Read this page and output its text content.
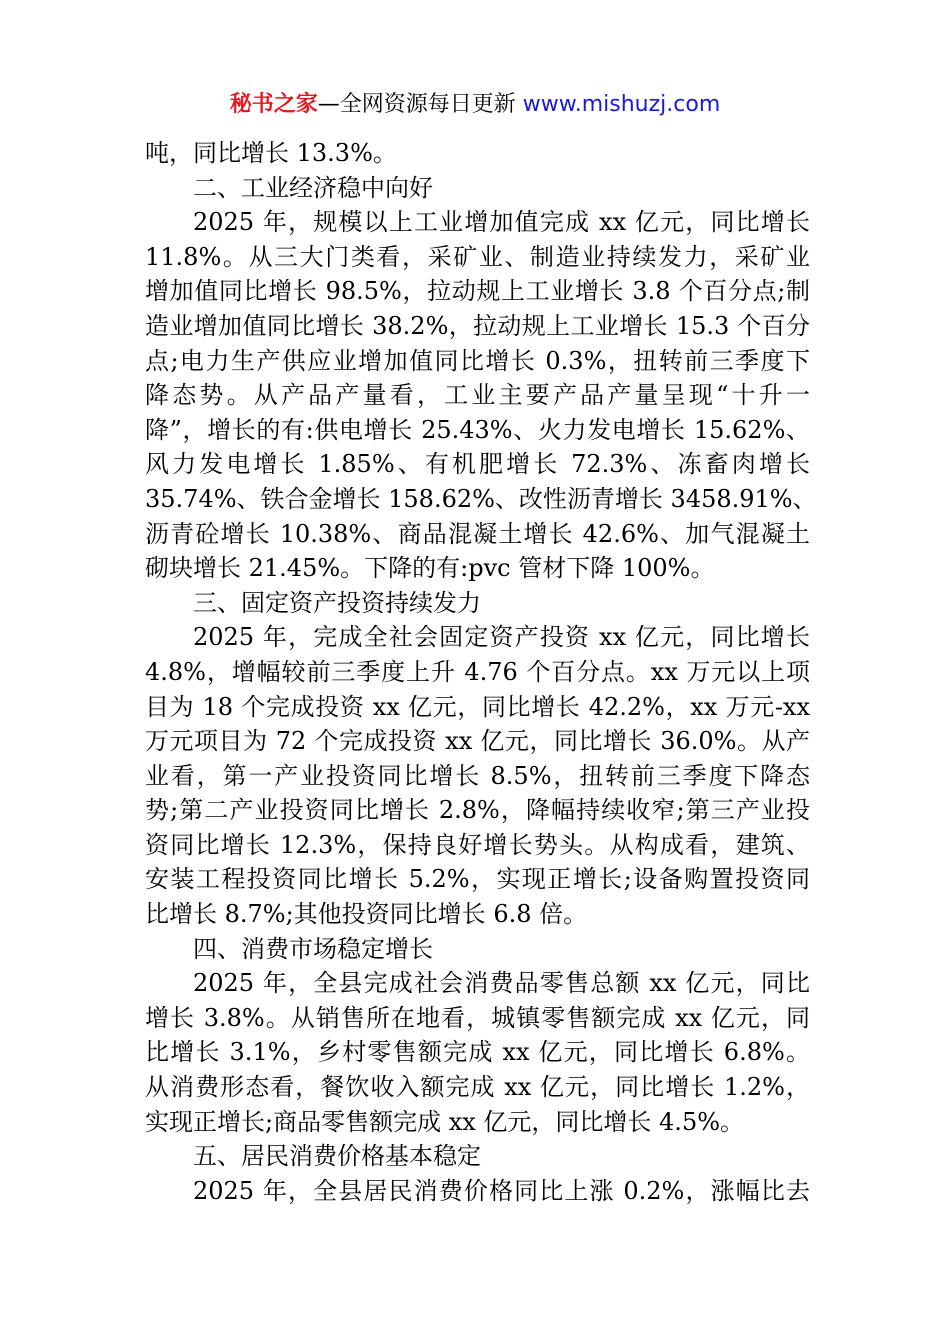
秘书之家—全网资源每日更新 www.mishuzj.com
吨，同比增长 13.3%。
二、工业经济稳中向好
2025 年，规模以上工业增加值完成 xx 亿元，同比增长
11.8%。从三大门类看，采矿业、制造业持续发力，采矿业
增加值同比增长 98.5%，拉动规上工业增长 3.8 个百分点;制
造业增加值同比增长 38.2%，拉动规上工业增长 15.3 个百分
点;电力生产供应业增加值同比增长 0.3%，扭转前三季度下
降态势。从产品产量看，工业主要产品产量呈现“十升一
降”，增长的有:供电增长 25.43%、火力发电增长 15.62%、
风力发电增长 1.85%、有机肥增长 72.3%、冻畜肉增长
35.74%、铁合金增长 158.62%、改性沥青增长 3458.91%、
沥青砼增长 10.38%、商品混凝土增长 42.6%、加气混凝土
砌块增长 21.45%。下降的有:pvc 管材下降 100%。
三、固定资产投资持续发力
2025 年，完成全社会固定资产投资 xx 亿元，同比增长
4.8%，增幅较前三季度上升 4.76 个百分点。xx 万元以上项
目为 18 个完成投资 xx 亿元，同比增长 42.2%，xx 万元-xx
万元项目为 72 个完成投资 xx 亿元，同比增长 36.0%。从产
业看，第一产业投资同比增长 8.5%，扭转前三季度下降态
势;第二产业投资同比增长 2.8%，降幅持续收窄;第三产业投
资同比增长 12.3%，保持良好增长势头。从构成看，建筑、
安装工程投资同比增长 5.2%，实现正增长;设备购置投资同
比增长 8.7%;其他投资同比增长 6.8 倍。
四、消费市场稳定增长
2025 年，全县完成社会消费品零售总额 xx 亿元，同比
增长 3.8%。从销售所在地看，城镇零售额完成 xx 亿元，同
比增长 3.1%，乡村零售额完成 xx 亿元，同比增长 6.8%。
从消费形态看，餐饮收入额完成 xx 亿元，同比增长 1.2%，
实现正增长;商品零售额完成 xx 亿元，同比增长 4.5%。
五、居民消费价格基本稳定
2025 年，全县居民消费价格同比上涨 0.2%，涨幅比去
